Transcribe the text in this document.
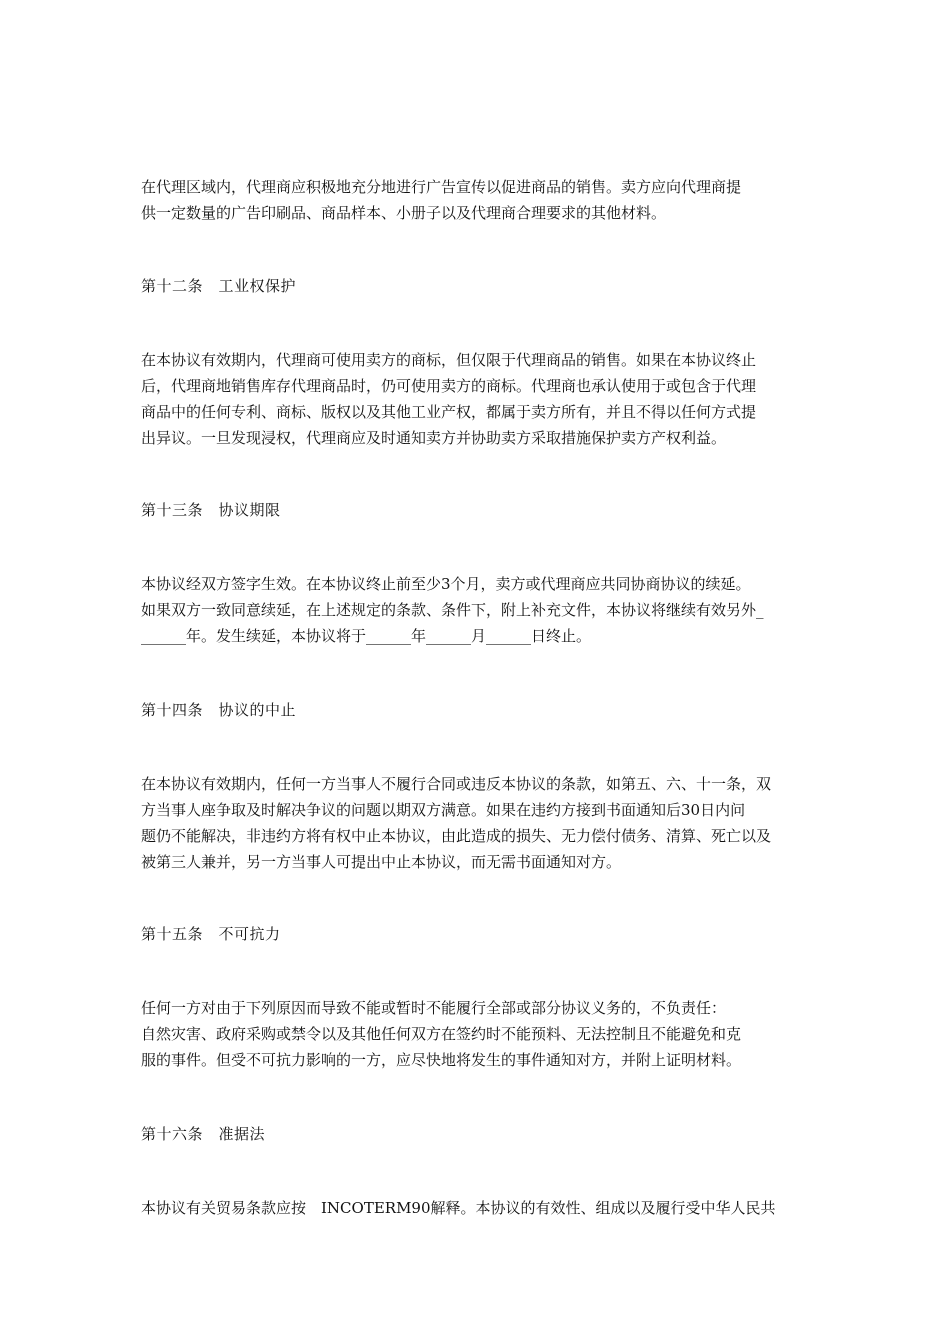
在代理区域内，代理商应积极地充分地进行广告宣传以促进商品的销售。卖方应向代理商提
供一定数量的广告印刷品、商品样本、小册子以及代理商合理要求的其他材料。
第十二条　工业权保护
在本协议有效期内，代理商可使用卖方的商标，但仅限于代理商品的销售。如果在本协议终止
后，代理商地销售库存代理商品时，仍可使用卖方的商标。代理商也承认使用于或包含于代理
商品中的任何专利、商标、版权以及其他工业产权，都属于卖方所有，并且不得以任何方式提
出异议。一旦发现浸权，代理商应及时通知卖方并协助卖方采取措施保护卖方产权利益。
第十三条　协议期限
本协议经双方签字生效。在本协议终止前至少3个月，卖方或代理商应共同协商协议的续延。
如果双方一致同意续延，在上述规定的条款、条件下，附上补充文件，本协议将继续有效另外_
______年。发生续延，本协议将于______年______月______日终止。
第十四条　协议的中止
在本协议有效期内，任何一方当事人不履行合同或违反本协议的条款，如第五、六、十一条，双
方当事人座争取及时解决争议的问题以期双方满意。如果在违约方接到书面通知后30日内问
题仍不能解决，非违约方将有权中止本协议，由此造成的损失、无力偿付债务、清算、死亡以及
被第三人兼并，另一方当事人可提出中止本协议，而无需书面通知对方。
第十五条　不可抗力
任何一方对由于下列原因而导致不能或暂时不能履行全部或部分协议义务的，不负责任：
自然灾害、政府采购或禁令以及其他任何双方在签约时不能预料、无法控制且不能避免和克
服的事件。但受不可抗力影响的一方，应尽快地将发生的事件通知对方，并附上证明材料。
第十六条　准据法
本协议有关贸易条款应按　INCOTERM90解释。本协议的有效性、组成以及履行受中华人民共
